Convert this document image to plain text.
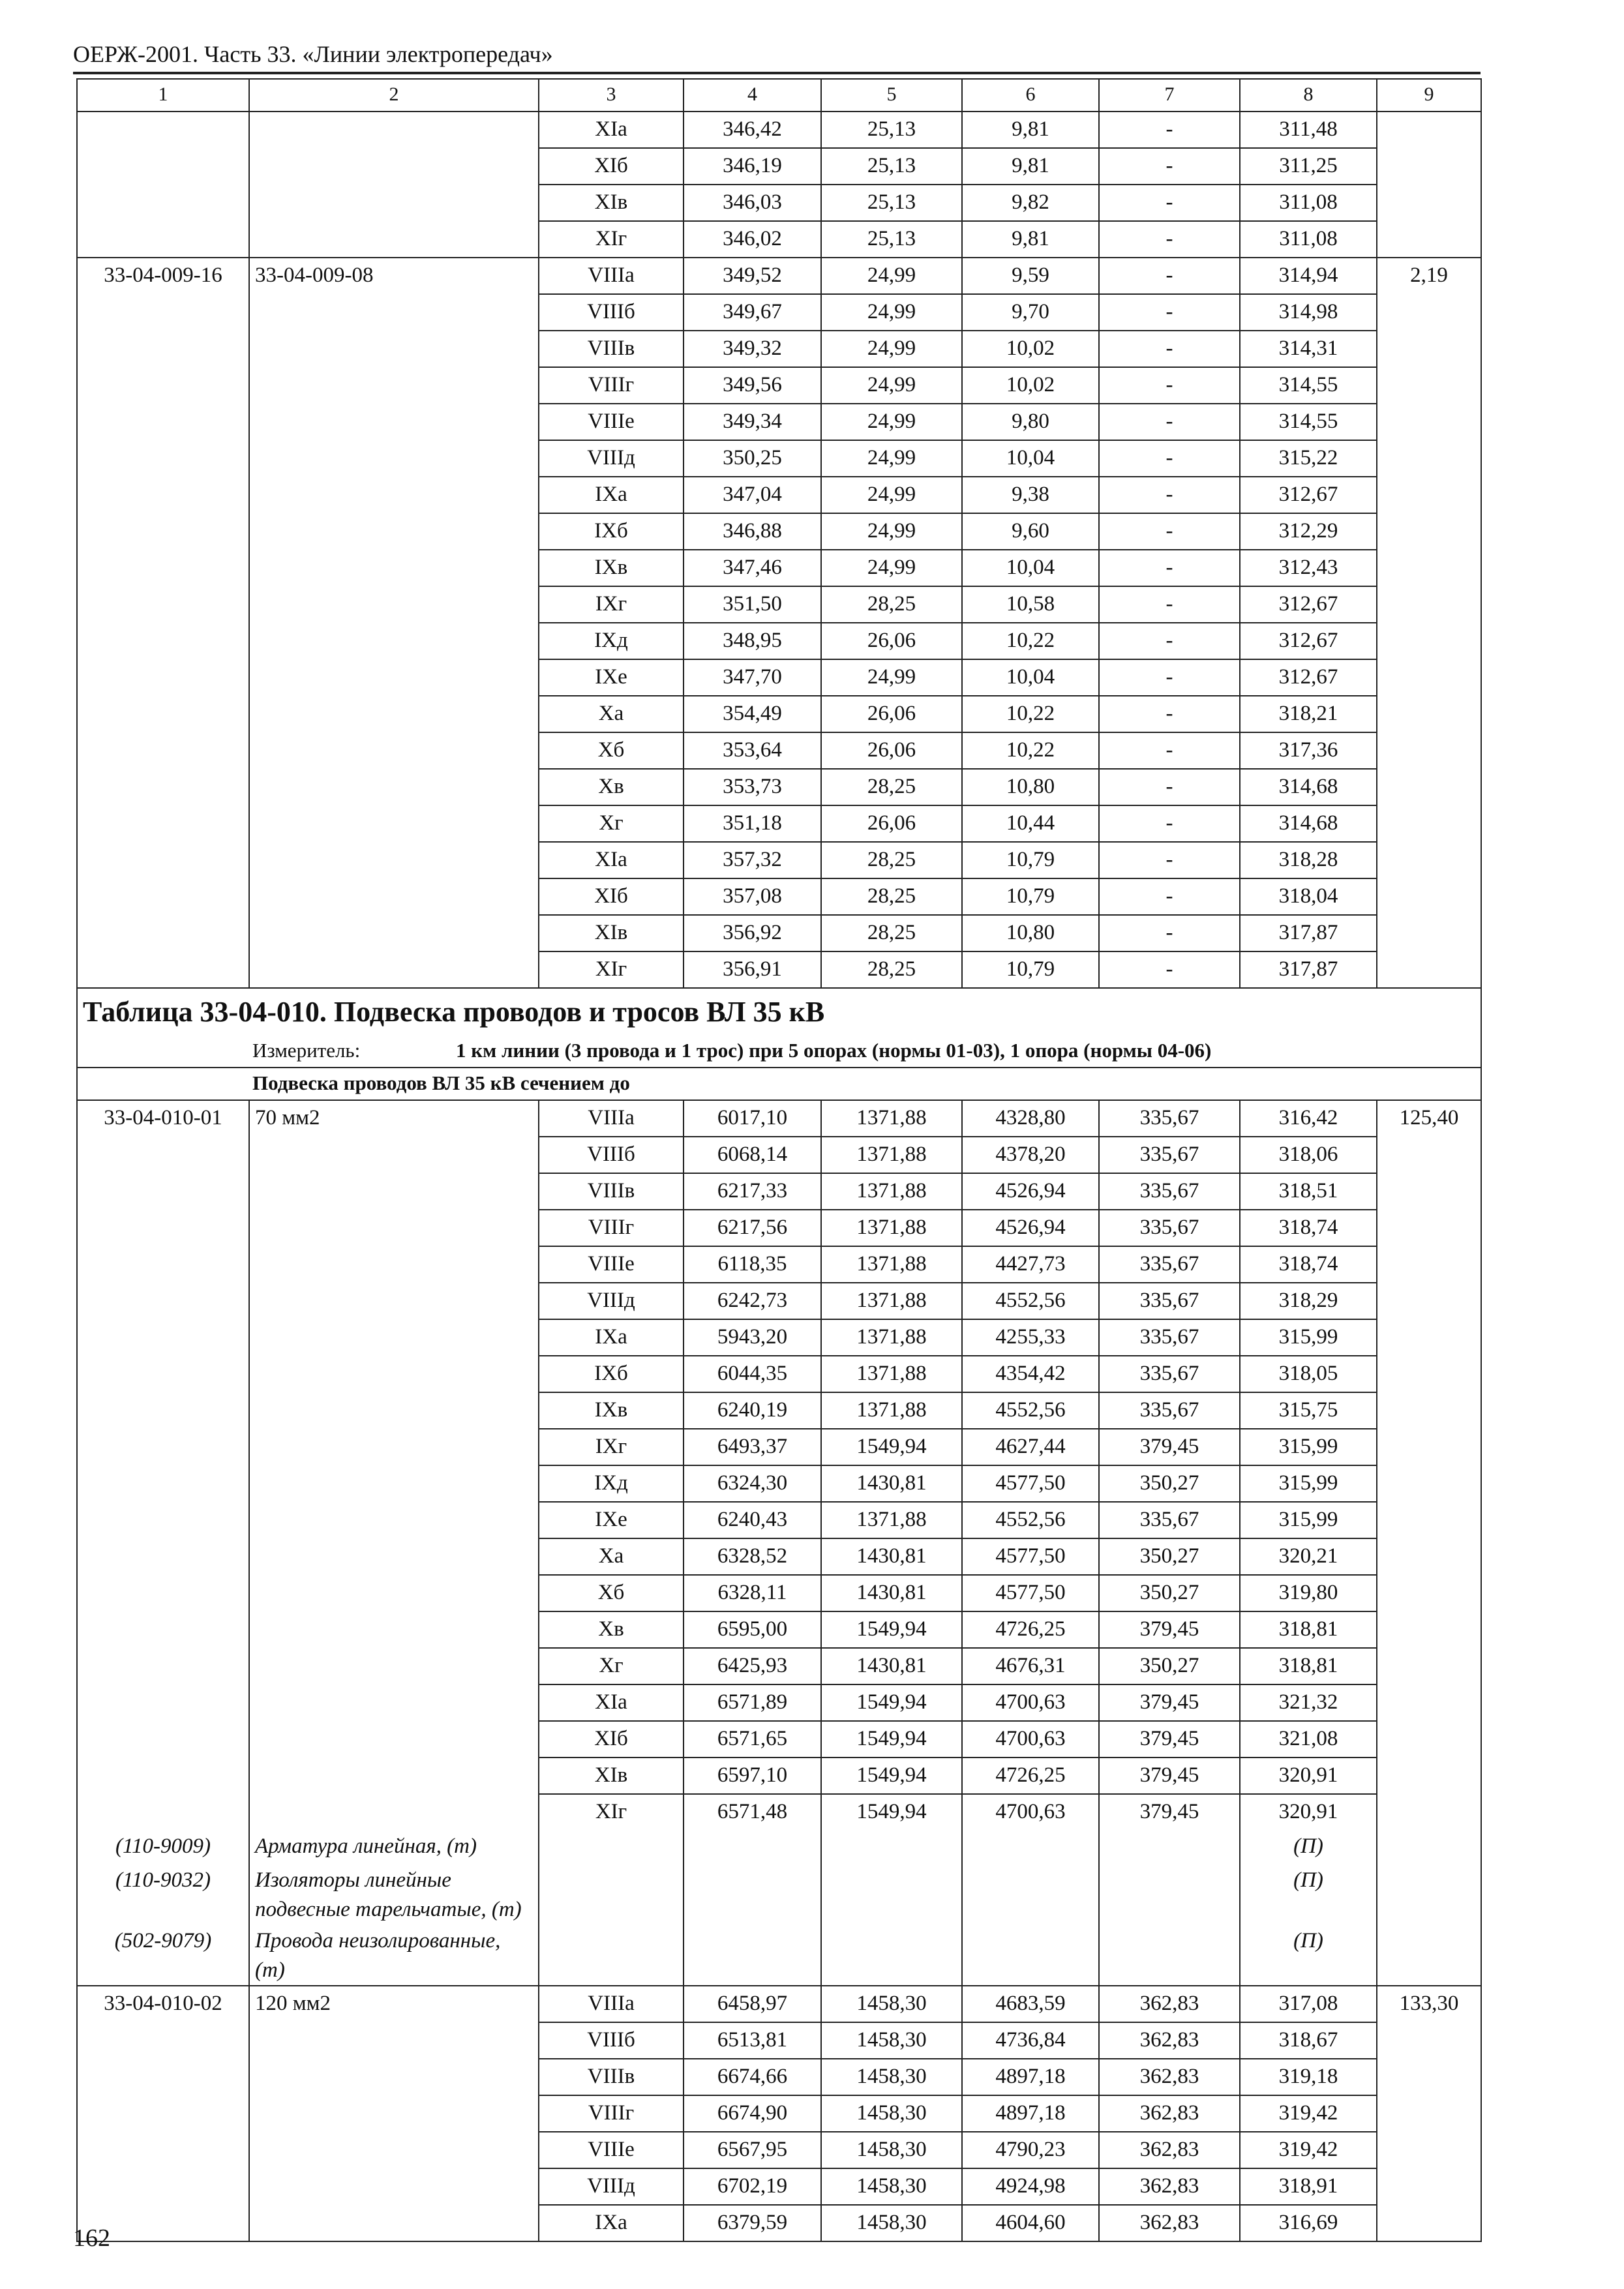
ОЕРЖ-2001. Часть 33. «Линии электропередач»
1	2	3	4	5	6	7	8	9
		XIа	346,42	25,13	9,81	-	311,48	
		XIб	346,19	25,13	9,81	-	311,25	
		XIв	346,03	25,13	9,82	-	311,08	
		XIг	346,02	25,13	9,81	-	311,08	
33-04-009-16	33-04-009-08	VIIIа	349,52	24,99	9,59	-	314,94	2,19
		VIIIб	349,67	24,99	9,70	-	314,98	
		VIIIв	349,32	24,99	10,02	-	314,31	
		VIIIг	349,56	24,99	10,02	-	314,55	
		VIIIе	349,34	24,99	9,80	-	314,55	
		VIIIд	350,25	24,99	10,04	-	315,22	
		IXа	347,04	24,99	9,38	-	312,67	
		IXб	346,88	24,99	9,60	-	312,29	
		IXв	347,46	24,99	10,04	-	312,43	
		IXг	351,50	28,25	10,58	-	312,67	
		IXд	348,95	26,06	10,22	-	312,67	
		IXе	347,70	24,99	10,04	-	312,67	
		Xа	354,49	26,06	10,22	-	318,21	
		Xб	353,64	26,06	10,22	-	317,36	
		Xв	353,73	28,25	10,80	-	314,68	
		Xг	351,18	26,06	10,44	-	314,68	
		XIа	357,32	28,25	10,79	-	318,28	
		XIб	357,08	28,25	10,79	-	318,04	
		XIв	356,92	28,25	10,80	-	317,87	
		XIг	356,91	28,25	10,79	-	317,87	
Таблица 33-04-010. Подвеска проводов и тросов ВЛ 35 кВ								
Измеритель: 1 км линии (3 провода и 1 трос) при 5 опорах (нормы 01-03), 1 опора (нормы 04-06)								
Подвеска проводов ВЛ 35 кВ сечением до								
33-04-010-01	70 мм2	VIIIа	6017,10	1371,88	4328,80	335,67	316,42	125,40
		VIIIб	6068,14	1371,88	4378,20	335,67	318,06	
		VIIIв	6217,33	1371,88	4526,94	335,67	318,51	
		VIIIг	6217,56	1371,88	4526,94	335,67	318,74	
		VIIIе	6118,35	1371,88	4427,73	335,67	318,74	
		VIIIд	6242,73	1371,88	4552,56	335,67	318,29	
		IXа	5943,20	1371,88	4255,33	335,67	315,99	
		IXб	6044,35	1371,88	4354,42	335,67	318,05	
		IXв	6240,19	1371,88	4552,56	335,67	315,75	
		IXг	6493,37	1549,94	4627,44	379,45	315,99	
		IXд	6324,30	1430,81	4577,50	350,27	315,99	
		IXе	6240,43	1371,88	4552,56	335,67	315,99	
		Xа	6328,52	1430,81	4577,50	350,27	320,21	
		Xб	6328,11	1430,81	4577,50	350,27	319,80	
		Xв	6595,00	1549,94	4726,25	379,45	318,81	
		Xг	6425,93	1430,81	4676,31	350,27	318,81	
		XIа	6571,89	1549,94	4700,63	379,45	321,32	
		XIб	6571,65	1549,94	4700,63	379,45	321,08	
		XIв	6597,10	1549,94	4726,25	379,45	320,91	
		XIг	6571,48	1549,94	4700,63	379,45	320,91	
(110-9009)	Арматура линейная, (т)						(П)	
(110-9032)	Изоляторы линейные подвесные тарельчатые, (т)						(П)	
(502-9079)	Провода неизолированные, (т)						(П)	
33-04-010-02	120 мм2	VIIIа	6458,97	1458,30	4683,59	362,83	317,08	133,30
		VIIIб	6513,81	1458,30	4736,84	362,83	318,67	
		VIIIв	6674,66	1458,30	4897,18	362,83	319,18	
		VIIIг	6674,90	1458,30	4897,18	362,83	319,42	
		VIIIе	6567,95	1458,30	4790,23	362,83	319,42	
		VIIIд	6702,19	1458,30	4924,98	362,83	318,91	
		IXа	6379,59	1458,30	4604,60	362,83	316,69	
162
